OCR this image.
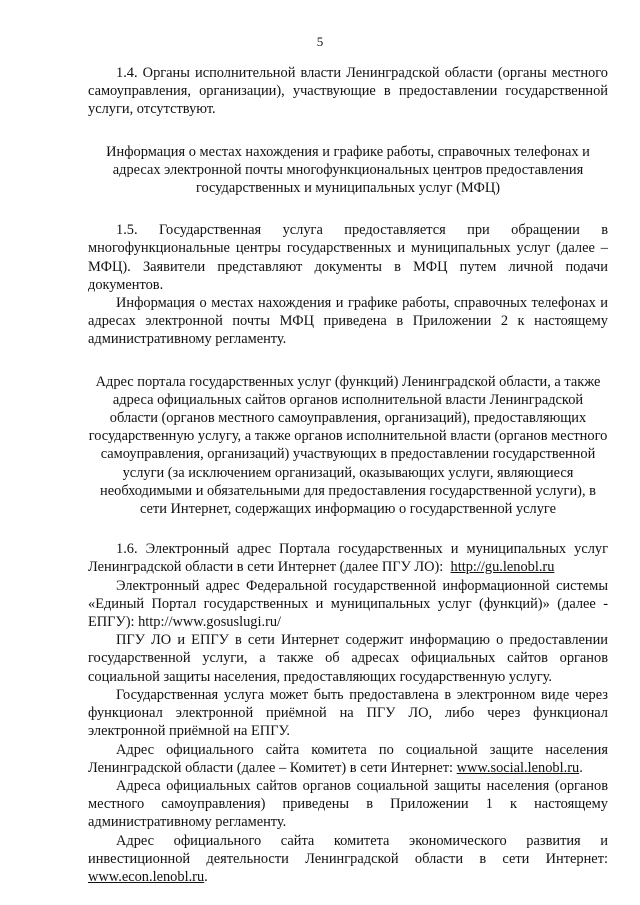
5

1.4. Органы исполнительной власти Ленинградской области (органы местного самоуправления, организации), участвующие в предоставлении государственной услуги, отсутствуют.

Информация о местах нахождения и графике работы, справочных телефонах и адресах электронной почты многофункциональных центров предоставления государственных и муниципальных услуг (МФЦ)

1.5. Государственная услуга предоставляется при обращении в многофункциональные центры государственных и муниципальных услуг (далее – МФЦ). Заявители представляют документы в МФЦ путем личной подачи документов.

Информация о местах нахождения и графике работы, справочных телефонах и адресах электронной почты МФЦ приведена в Приложении 2 к настоящему административному регламенту.

Адрес портала государственных услуг (функций) Ленинградской области, а также адреса официальных сайтов органов исполнительной власти Ленинградской области (органов местного самоуправления, организаций), предоставляющих государственную услугу, а также органов исполнительной власти (органов местного самоуправления, организаций) участвующих в предоставлении государственной услуги (за исключением организаций, оказывающих услуги, являющиеся необходимыми и обязательными для предоставления государственной услуги), в сети Интернет, содержащих информацию о государственной услуге

1.6. Электронный адрес Портала государственных и муниципальных услуг Ленинградской области в сети Интернет (далее ПГУ ЛО): http://gu.lenobl.ru

Электронный адрес Федеральной государственной информационной системы «Единый Портал государственных и муниципальных услуг (функций)» (далее - ЕПГУ): http://www.gosuslugi.ru/

ПГУ ЛО и ЕПГУ в сети Интернет содержит информацию о предоставлении государственной услуги, а также об адресах официальных сайтов органов социальной защиты населения, предоставляющих государственную услугу.

Государственная услуга может быть предоставлена в электронном виде через функционал электронной приёмной на ПГУ ЛО, либо через функционал электронной приёмной на ЕПГУ.

Адрес официального сайта комитета по социальной защите населения Ленинградской области (далее – Комитет) в сети Интернет: www.social.lenobl.ru.

Адреса официальных сайтов органов социальной защиты населения (органов местного самоуправления) приведены в Приложении 1 к настоящему административному регламенту.

Адрес официального сайта комитета экономического развития и инвестиционной деятельности Ленинградской области в сети Интернет: www.econ.lenobl.ru.
